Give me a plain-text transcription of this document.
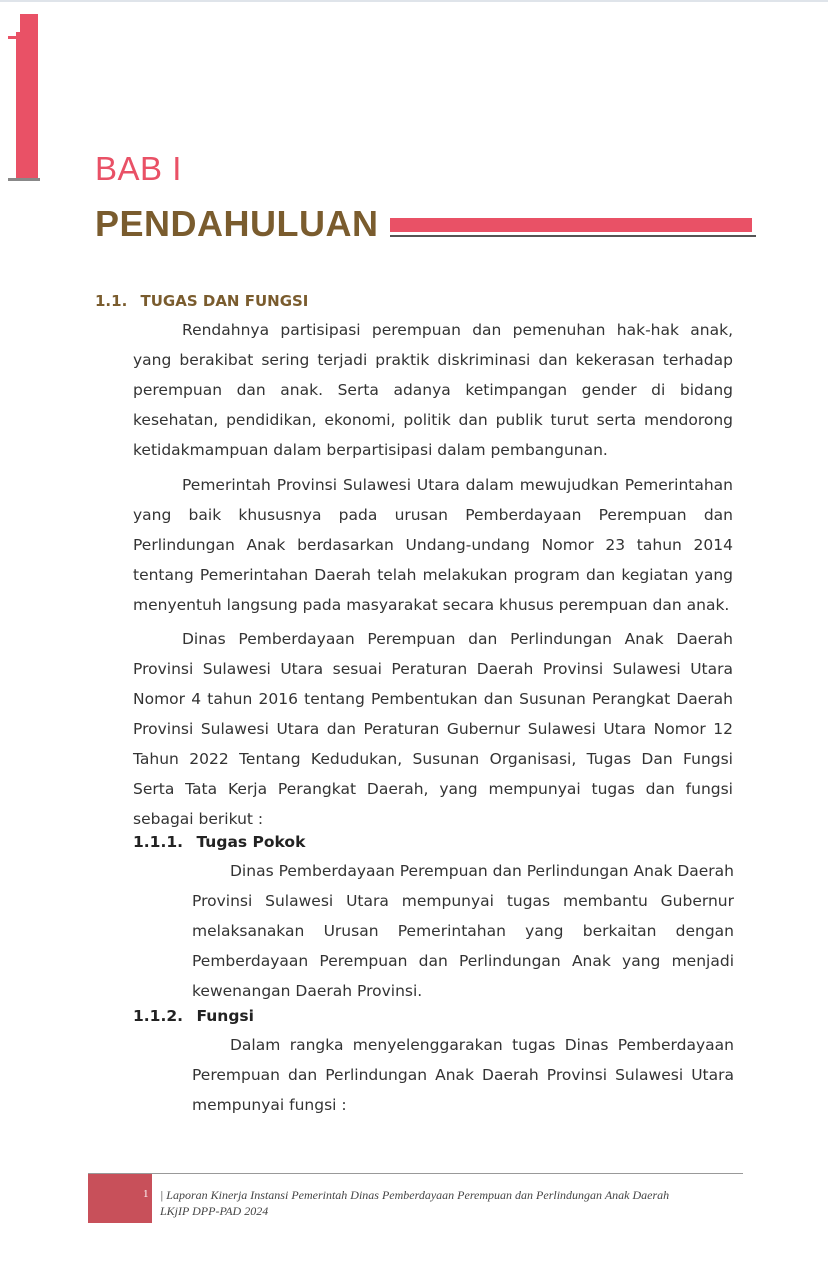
BAB I
PENDAHULUAN
1.1. TUGAS DAN FUNGSI
Rendahnya partisipasi perempuan dan pemenuhan hak-hak anak, yang berakibat sering terjadi praktik diskriminasi dan kekerasan terhadap perempuan dan anak. Serta adanya ketimpangan gender di bidang kesehatan, pendidikan, ekonomi, politik dan publik turut serta mendorong ketidakmampuan dalam berpartisipasi dalam pembangunan.
Pemerintah Provinsi Sulawesi Utara dalam mewujudkan Pemerintahan yang baik khususnya pada urusan Pemberdayaan Perempuan dan Perlindungan Anak berdasarkan Undang-undang Nomor 23 tahun 2014 tentang Pemerintahan Daerah telah melakukan program dan kegiatan yang menyentuh langsung pada masyarakat secara khusus perempuan dan anak.
Dinas Pemberdayaan Perempuan dan Perlindungan Anak Daerah Provinsi Sulawesi Utara sesuai Peraturan Daerah Provinsi Sulawesi Utara Nomor 4 tahun 2016 tentang Pembentukan dan Susunan Perangkat Daerah Provinsi Sulawesi Utara dan Peraturan Gubernur Sulawesi Utara Nomor 12 Tahun 2022 Tentang Kedudukan, Susunan Organisasi, Tugas Dan Fungsi Serta Tata Kerja Perangkat Daerah, yang mempunyai tugas dan fungsi sebagai berikut :
1.1.1. Tugas Pokok
Dinas Pemberdayaan Perempuan dan Perlindungan Anak Daerah Provinsi Sulawesi Utara mempunyai tugas membantu Gubernur melaksanakan Urusan Pemerintahan yang berkaitan dengan Pemberdayaan Perempuan dan Perlindungan Anak yang menjadi kewenangan Daerah Provinsi.
1.1.2. Fungsi
Dalam rangka menyelenggarakan tugas Dinas Pemberdayaan Perempuan dan Perlindungan Anak Daerah Provinsi Sulawesi Utara mempunyai fungsi :
1 | Laporan Kinerja Instansi Pemerintah Dinas Pemberdayaan Perempuan dan Perlindungan Anak Daerah
LKjIP DPP-PAD 2024
